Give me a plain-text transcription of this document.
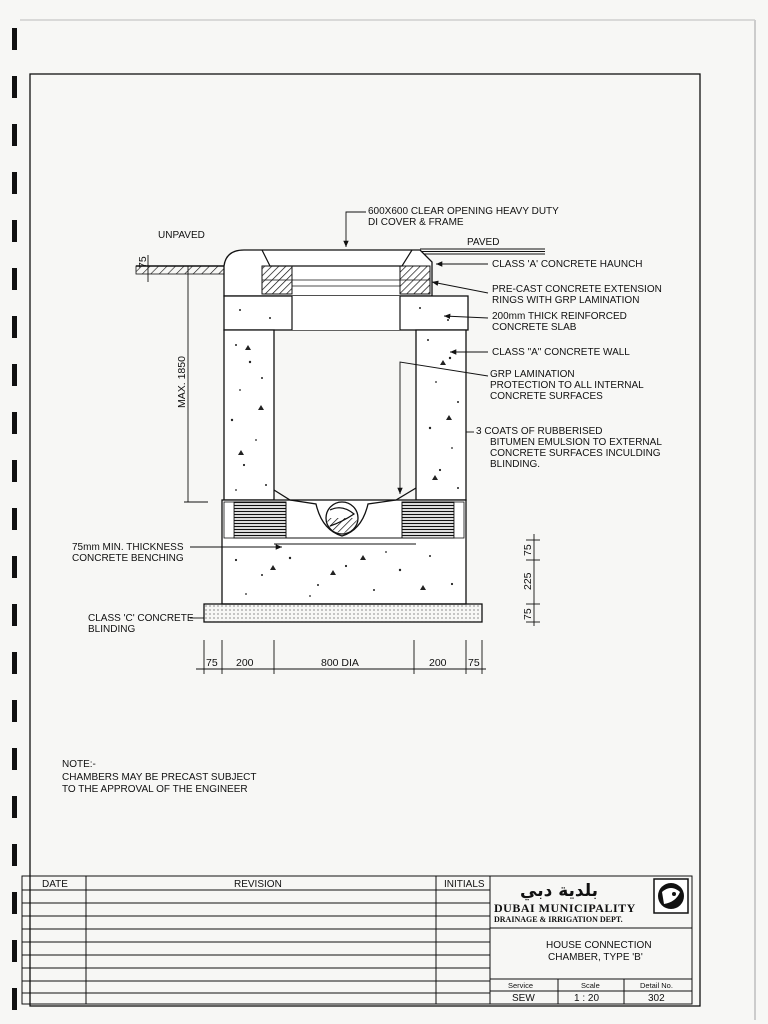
75
MAX. 1850
75
225
75
75 200	800 DIA	200 75
600X600 CLEAR OPENING HEAVY DUTY
DI COVER & FRAME
UNPAVED
PAVED
CLASS 'A' CONCRETE HAUNCH
PRE-CAST CONCRETE EXTENSION
RINGS WITH GRP LAMINATION
200mm THICK REINFORCED
CONCRETE SLAB
CLASS "A" CONCRETE WALL
GRP LAMINATION
PROTECTION TO ALL INTERNAL
CONCRETE SURFACES
3 COATS OF RUBBERISED
BITUMEN EMULSION TO EXTERNAL
CONCRETE SURFACES INCULDING
BLINDING.
75mm MIN. THICKNESS
CONCRETE BENCHING
CLASS 'C' CONCRETE
BLINDING
NOTE:-
CHAMBERS MAY BE PRECAST SUBJECT
TO THE APPROVAL OF THE ENGINEER
DATE	REVISION	INITIALS بلدية دبي
DUBAI MUNICIPALITY
DRAINAGE & IRRIGATION DEPT.
HOUSE CONNECTION
CHAMBER, TYPE 'B'
Service	Scale	Detail No.
SEW	1 : 20	302
